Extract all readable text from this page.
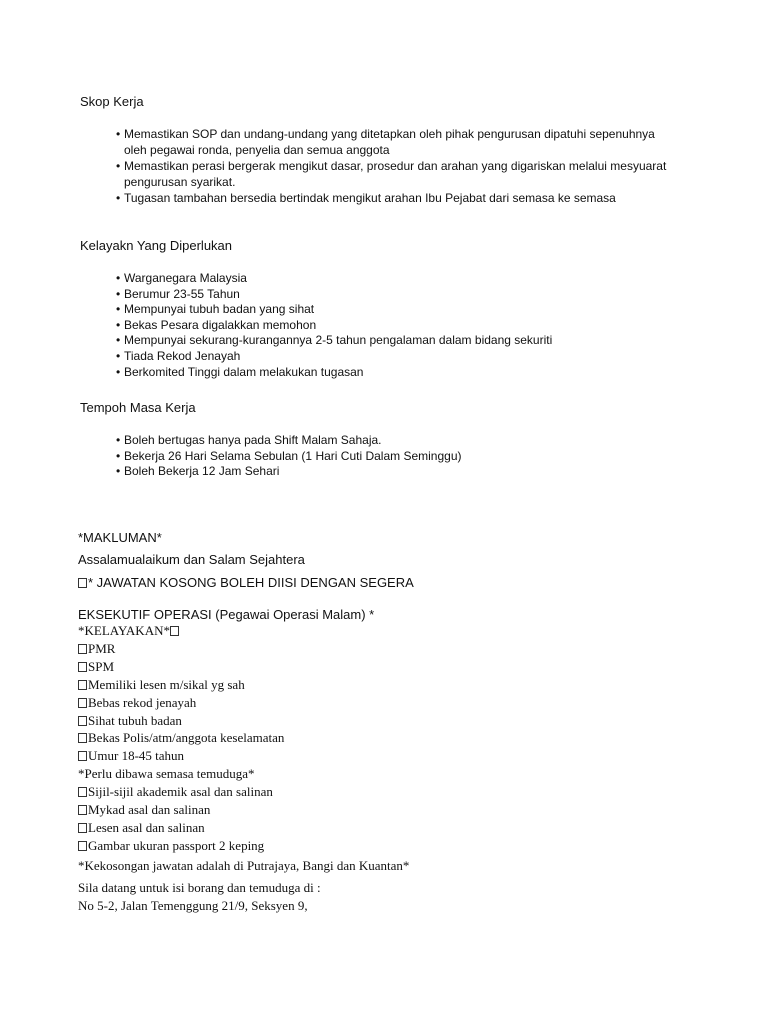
Skop Kerja
• Memastikan SOP dan undang-undang yang ditetapkan oleh pihak pengurusan dipatuhi sepenuhnya oleh pegawai ronda, penyelia dan semua anggota
• Memastikan perasi bergerak mengikut dasar, prosedur dan arahan yang digariskan melalui mesyuarat pengurusan syarikat.
• Tugasan tambahan bersedia bertindak mengikut arahan Ibu Pejabat dari semasa ke semasa
Kelayakn Yang Diperlukan
• Warganegara Malaysia
• Berumur 23-55 Tahun
• Mempunyai tubuh badan yang sihat
• Bekas Pesara digalakkan memohon
• Mempunyai sekurang-kurangannya 2-5 tahun pengalaman dalam bidang sekuriti
• Tiada Rekod Jenayah
• Berkomited Tinggi dalam melakukan tugasan
Tempoh Masa Kerja
• Boleh bertugas hanya pada Shift Malam Sahaja.
• Bekerja 26 Hari Selama Sebulan (1 Hari Cuti Dalam Seminggu)
• Boleh Bekerja 12 Jam Sehari
*MAKLUMAN*
Assalamualaikum dan Salam Sejahtera
* JAWATAN KOSONG BOLEH DIISI DENGAN SEGERA
EKSEKUTIF OPERASI (Pegawai Operasi Malam) *
*KELAYAKAN*
PMR
SPM
Memiliki lesen m/sikal yg sah
Bebas rekod jenayah
Sihat tubuh badan
Bekas Polis/atm/anggota keselamatan
Umur 18-45 tahun
*Perlu dibawa semasa temuduga*
Sijil-sijil akademik asal dan salinan
Mykad asal dan salinan
Lesen asal dan salinan
Gambar ukuran passport 2 keping
*Kekosongan jawatan adalah di Putrajaya, Bangi dan Kuantan*
Sila datang untuk isi borang dan temuduga di :
No 5-2, Jalan Temenggung 21/9, Seksyen 9,
